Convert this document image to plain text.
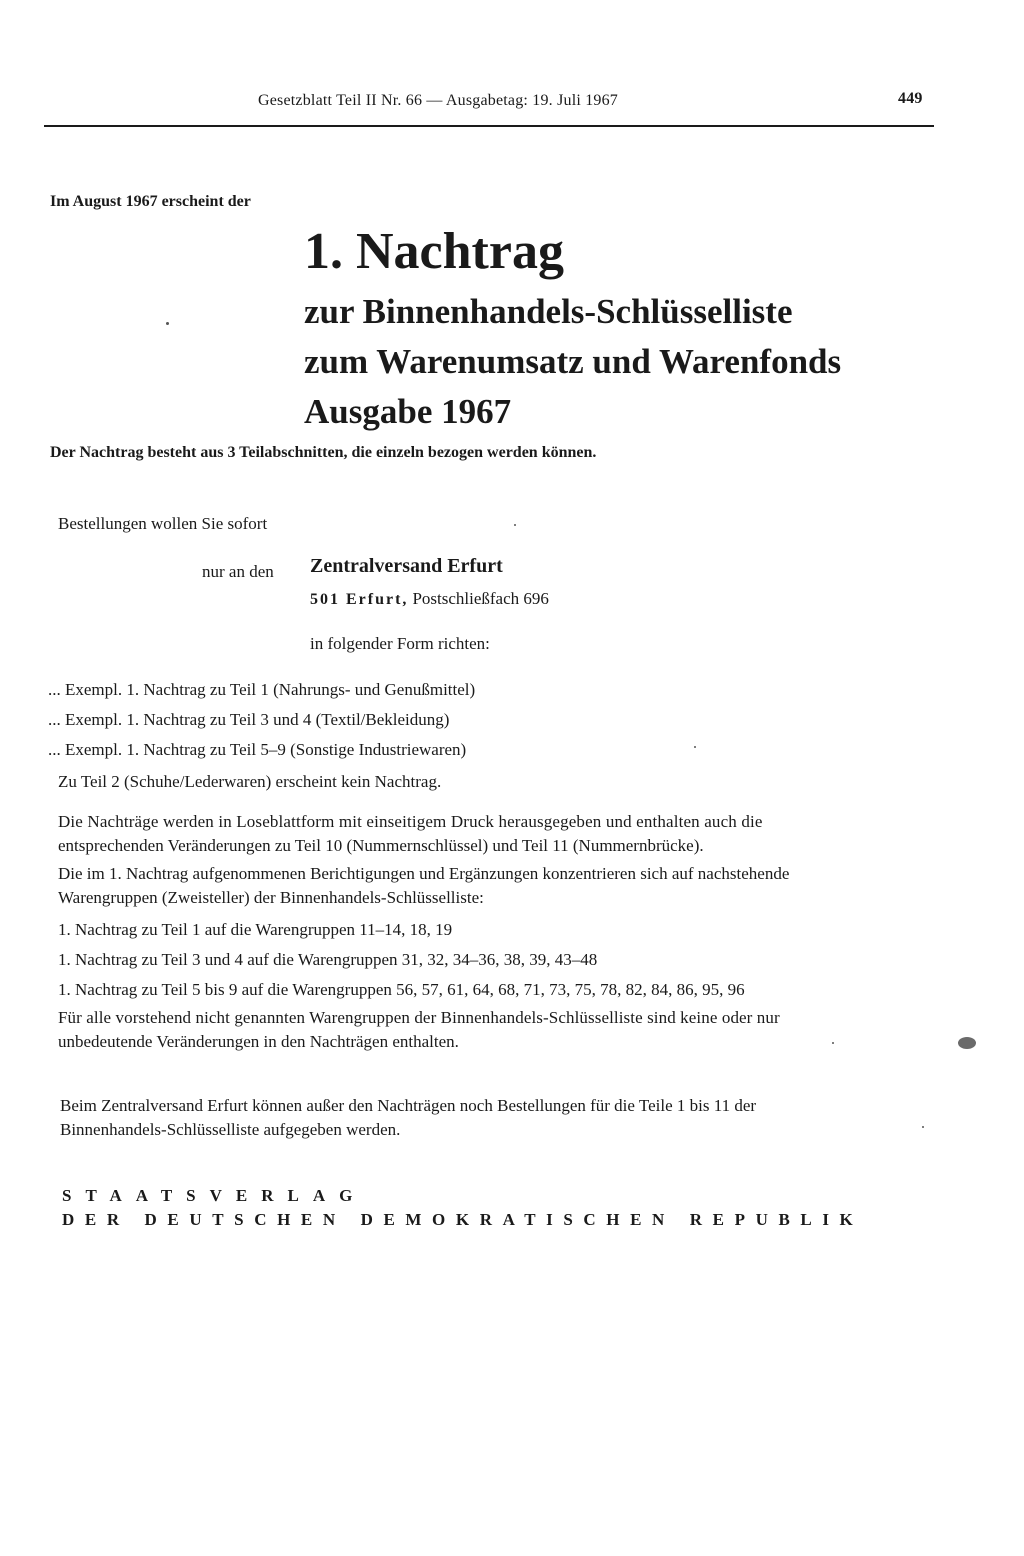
Gesetzblatt Teil II Nr. 66 — Ausgabetag: 19. Juli 1967	449
Im August 1967 erscheint der
1. Nachtrag
zur Binnenhandels-Schlüsselliste
zum Warenumsatz und Warenfonds
Ausgabe 1967
Der Nachtrag besteht aus 3 Teilabschnitten, die einzeln bezogen werden können.
Bestellungen wollen Sie sofort
nur an den Zentralversand Erfurt
501 Erfurt, Postschließfach 696
in folgender Form richten:
... Exempl. 1. Nachtrag zu Teil 1 (Nahrungs- und Genußmittel)
... Exempl. 1. Nachtrag zu Teil 3 und 4 (Textil/Bekleidung)
... Exempl. 1. Nachtrag zu Teil 5–9 (Sonstige Industriewaren)
Zu Teil 2 (Schuhe/Lederwaren) erscheint kein Nachtrag.
Die Nachträge werden in Loseblattform mit einseitigem Druck herausgegeben und enthalten auch die
entsprechenden Veränderungen zu Teil 10 (Nummernschlüssel) und Teil 11 (Nummernbrücke).
Die im 1. Nachtrag aufgenommenen Berichtigungen und Ergänzungen konzentrieren sich auf nachstehende
Warengruppen (Zweisteller) der Binnenhandels-Schlüsselliste:
1. Nachtrag zu Teil 1 auf die Warengruppen 11–14, 18, 19
1. Nachtrag zu Teil 3 und 4 auf die Warengruppen 31, 32, 34–36, 38, 39, 43–48
1. Nachtrag zu Teil 5 bis 9 auf die Warengruppen 56, 57, 61, 64, 68, 71, 73, 75, 78, 82, 84, 86, 95, 96
Für alle vorstehend nicht genannten Warengruppen der Binnenhandels-Schlüsselliste sind keine oder nur
unbedeutende Veränderungen in den Nachträgen enthalten.
Beim Zentralversand Erfurt können außer den Nachträgen noch Bestellungen für die Teile 1 bis 11 der
Binnenhandels-Schlüsselliste aufgegeben werden.
STAATSVERLAG
DER DEUTSCHEN DEMOKRATISCHEN REPUBLIK
